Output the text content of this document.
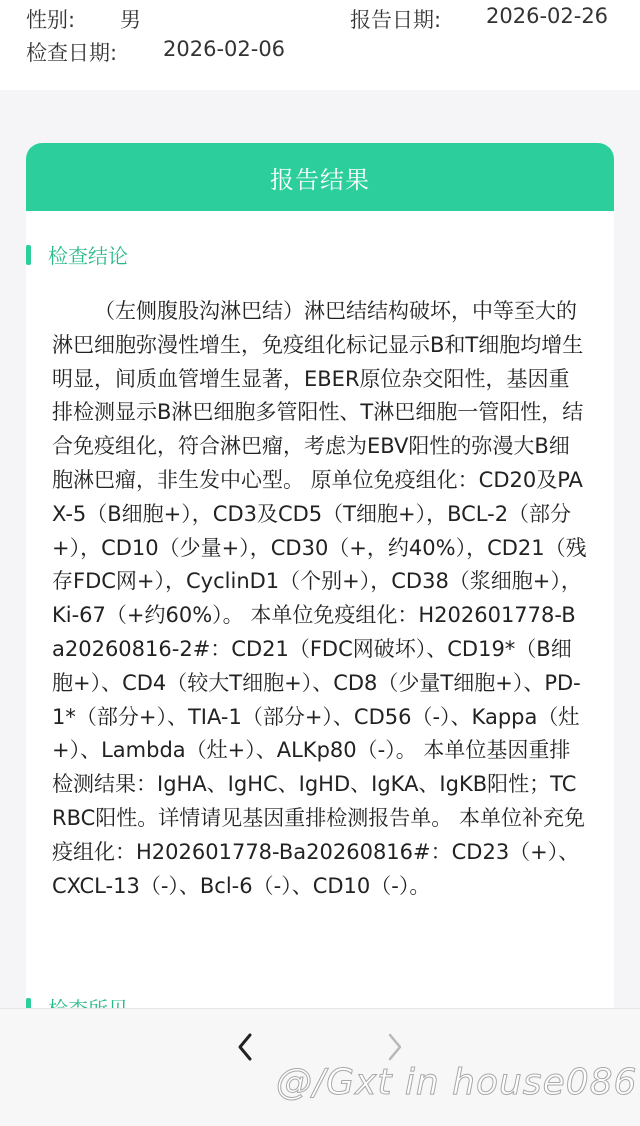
性别: 男	报告日期: 2026-02-26
检查日期: 2026-02-06
报告结果
检查结论
（左侧腹股沟淋巴结）淋巴结结构破坏，中等至大的淋巴细胞弥漫性增生，免疫组化标记显示B和T细胞均增生明显，间质血管增生显著，EBER原位杂交阳性，基因重排检测显示B淋巴细胞多管阳性、T淋巴细胞一管阳性，结合免疫组化，符合淋巴瘤，考虑为EBV阳性的弥漫大B细胞淋巴瘤，非生发中心型。 原单位免疫组化：CD20及PAX-5（B细胞+），CD3及CD5（T细胞+），BCL-2（部分+），CD10（少量+），CD30（+，约40%），CD21（残存FDC网+），CyclinD1（个别+），CD38（浆细胞+），Ki-67（+约60%）。 本单位免疫组化：H202601778-Ba20260816-2#：CD21（FDC网破坏）、CD19*（B细胞+）、CD4（较大T细胞+）、CD8（少量T细胞+）、PD-1*（部分+）、TIA-1（部分+）、CD56（-）、Kappa（灶+）、Lambda（灶+）、ALKp80（-）。 本单位基因重排检测结果：IgHA、IgHC、IgHD、IgKA、IgKB阳性；TCRBC阳性。详情请见基因重排检测报告单。 本单位补充免疫组化：H202601778-Ba20260816#：CD23（+）、CXCL-13（-）、Bcl-6（-）、CD10（-）。
@/Gxt in house086
